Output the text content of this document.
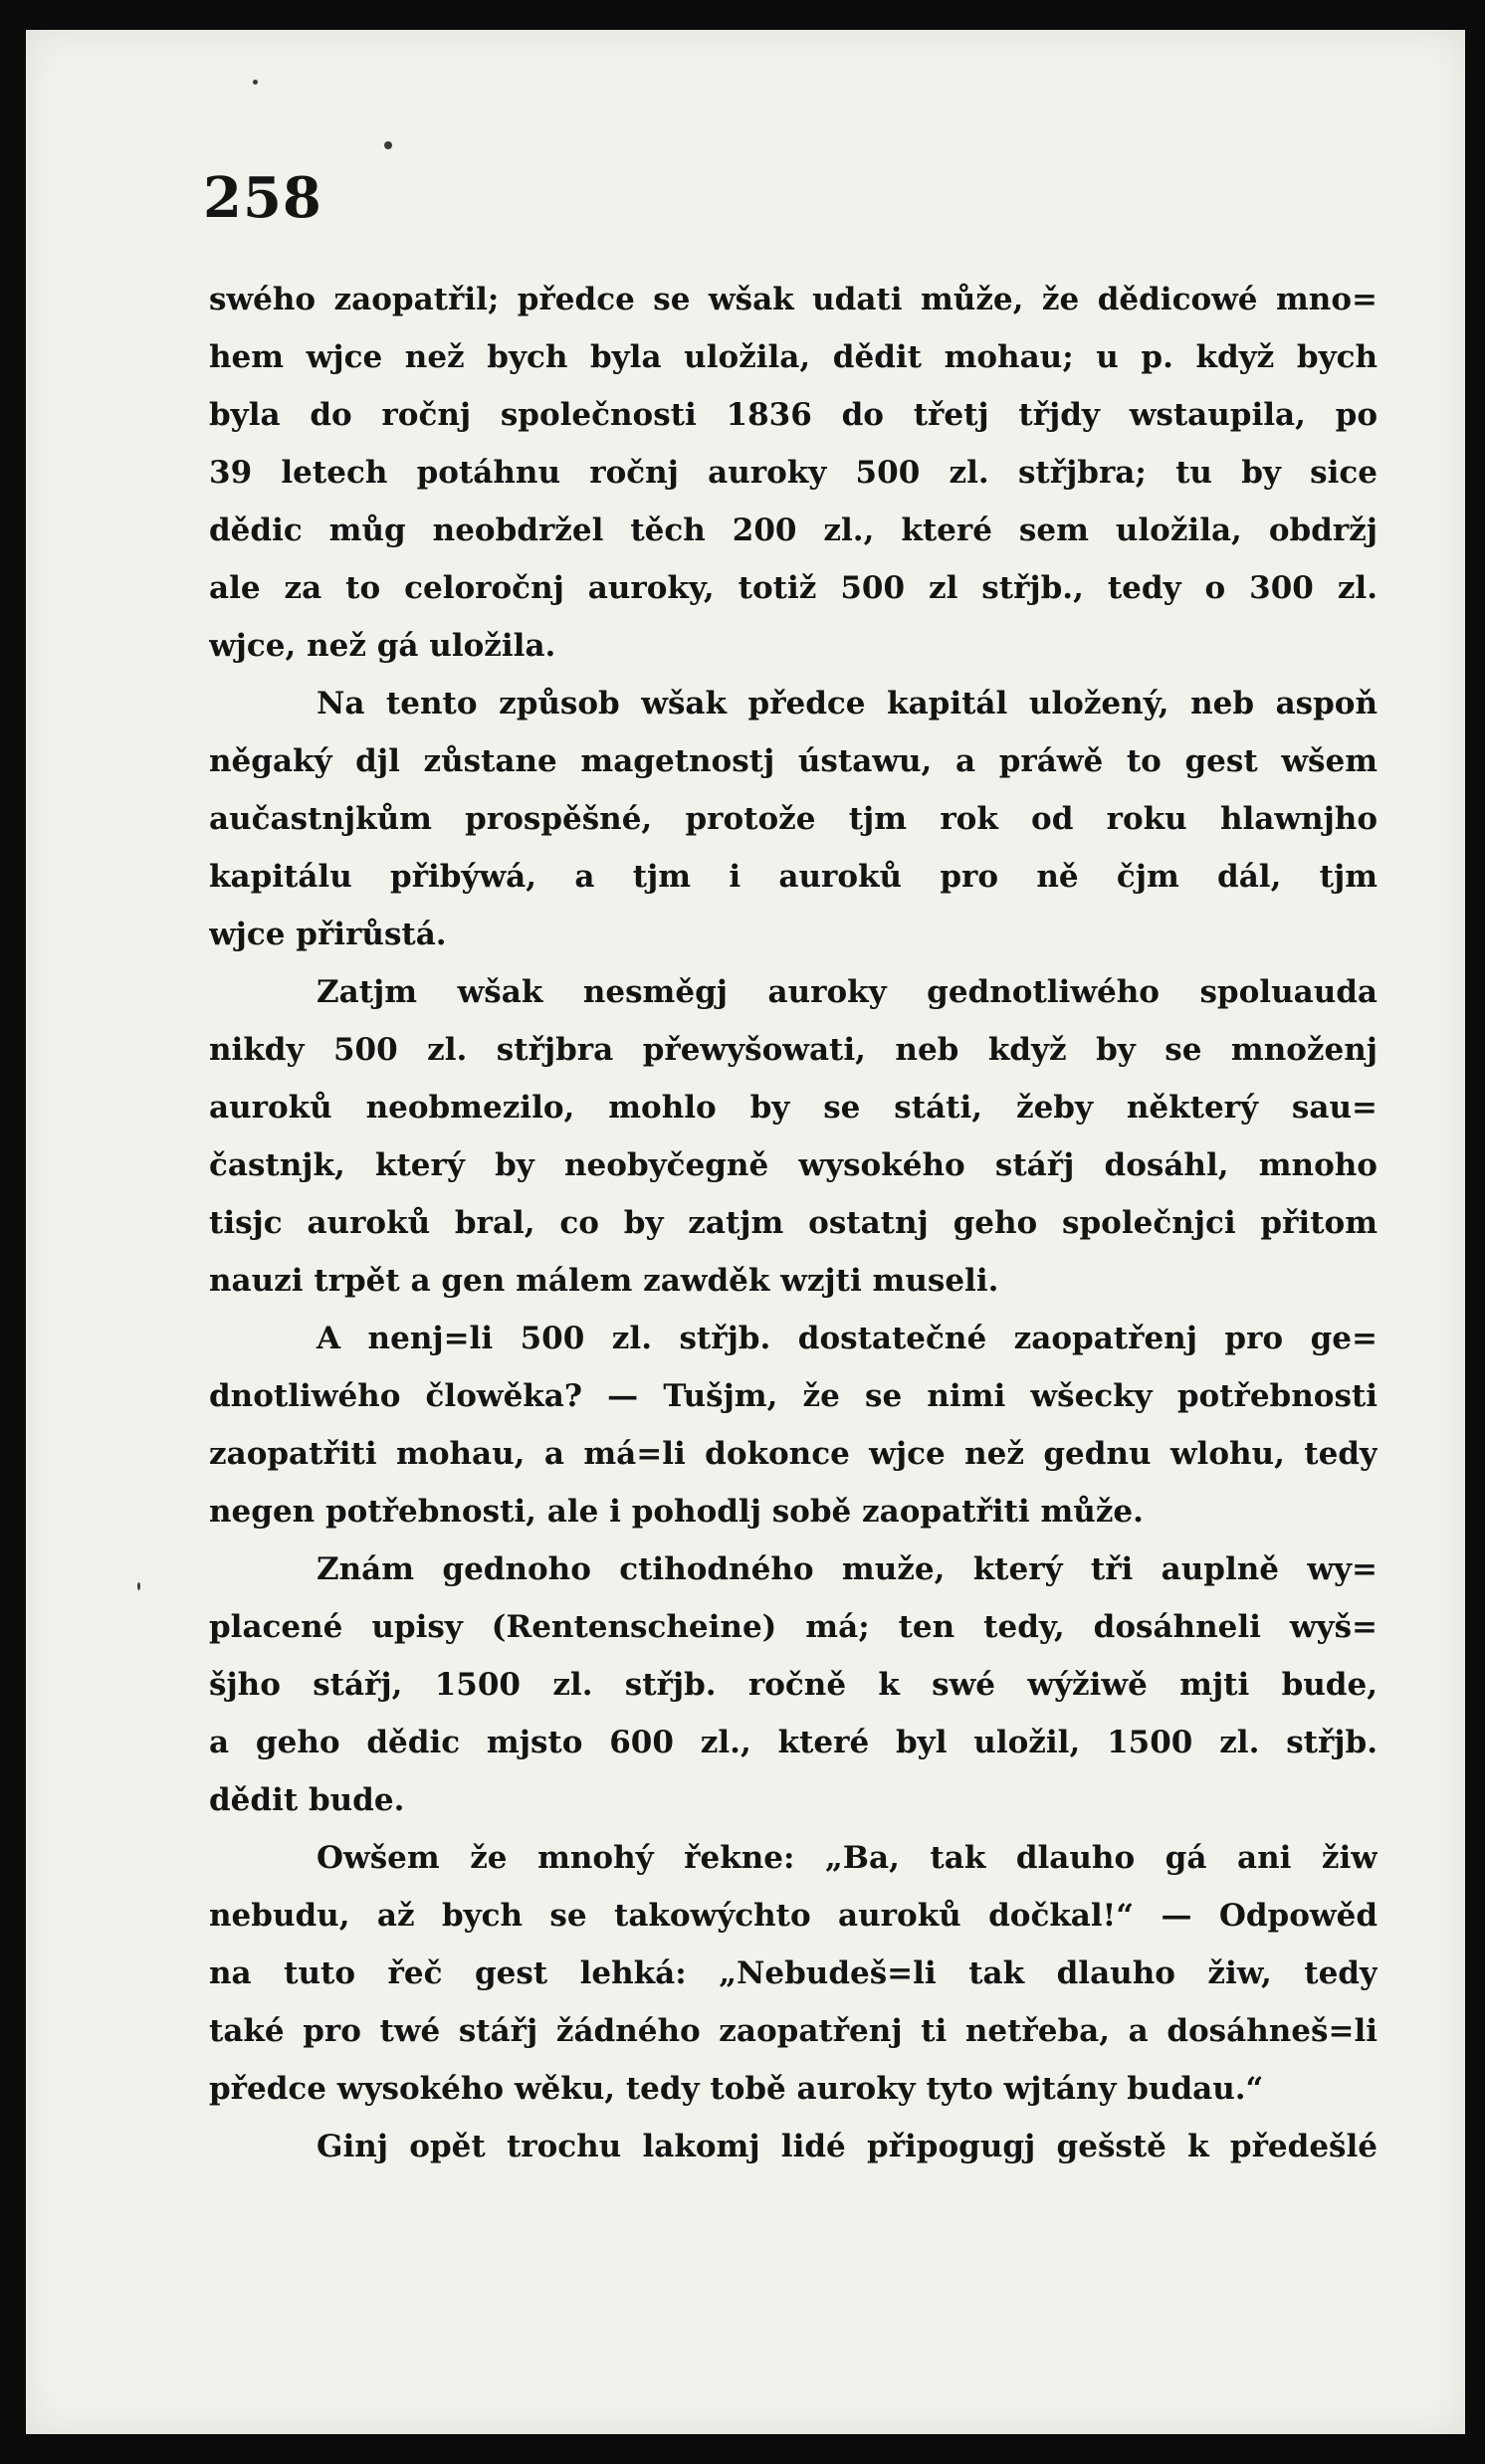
258
swého zaopatřil; předce se wšak udati může, že dědicowé mno=
hem wjce než bych byla uložila, dědit mohau; u p. když bych
byla do ročnj společnosti 1836 do třetj třjdy wstaupila, po
39 letech potáhnu ročnj auroky 500 zl. střjbra; tu by sice
dědic můg neobdržel těch 200 zl., které sem uložila, obdržj
ale za to celoročnj auroky, totiž 500 zl střjb., tedy o 300 zl.
wjce, než gá uložila.
Na tento způsob wšak předce kapitál uložený, neb aspoň
něgaký djl zůstane magetnostj ústawu, a práwě to gest wšem
aučastnjkům prospěšné, protože tjm rok od roku hlawnjho
kapitálu přibýwá, a tjm i auroků pro ně čjm dál, tjm
wjce přirůstá.
Zatjm wšak nesměgj auroky gednotliwého spoluauda
nikdy 500 zl. střjbra přewyšowati, neb když by se množenj
auroků neobmezilo, mohlo by se státi, žeby některý sau=
častnjk, který by neobyčegně wysokého stářj dosáhl, mnoho
tisjc auroků bral, co by zatjm ostatnj geho společnjci přitom
nauzi trpět a gen málem zawděk wzjti museli.
A nenj=li 500 zl. střjb. dostatečné zaopatřenj pro ge=
dnotliwého člowěka? — Tušjm, že se nimi wšecky potřebnosti
zaopatřiti mohau, a má=li dokonce wjce než gednu wlohu, tedy
negen potřebnosti, ale i pohodlj sobě zaopatřiti může.
Znám gednoho ctihodného muže, který tři auplně wy=
placené upisy (Rentenscheine) má; ten tedy, dosáhneli wyš=
šjho stářj, 1500 zl. střjb. ročně k swé wýžiwě mjti bude,
a geho dědic mjsto 600 zl., které byl uložil, 1500 zl. střjb.
dědit bude.
Owšem že mnohý řekne: „Ba, tak dlauho gá ani žiw
nebudu, až bych se takowýchto auroků dočkal!“ — Odpowěd
na tuto řeč gest lehká: „Nebudeš=li tak dlauho žiw, tedy
také pro twé stářj žádného zaopatřenj ti netřeba, a dosáhneš=li
předce wysokého wěku, tedy tobě auroky tyto wjtány budau.“
Ginj opět trochu lakomj lidé připogugj gešstě k předešlé
